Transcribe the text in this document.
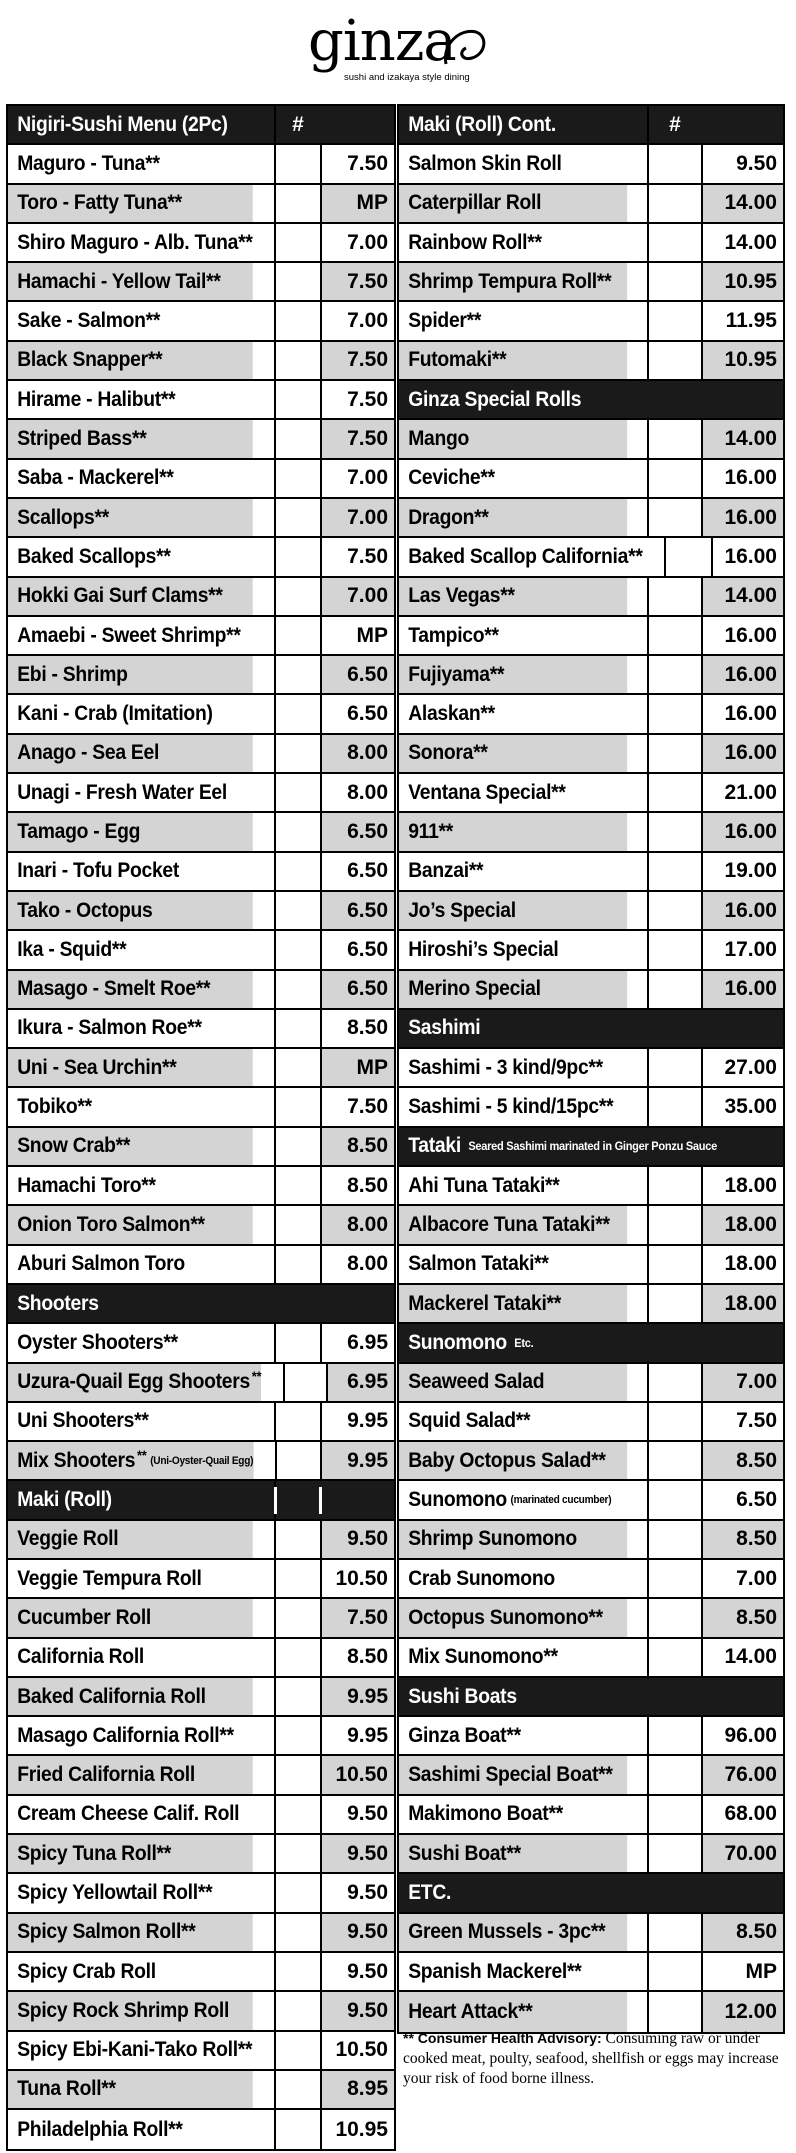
ginza
sushi and izakaya style dining
Nigiri-Sushi Menu (2Pc)	#
Maguro - Tuna**	7.50
Toro - Fatty Tuna**	MP
Shiro Maguro - Alb. Tuna**	7.00
Hamachi - Yellow Tail**	7.50
Sake - Salmon**	7.00
Black Snapper**	7.50
Hirame - Halibut**	7.50
Striped Bass**	7.50
Saba - Mackerel**	7.00
Scallops**	7.00
Baked Scallops**	7.50
Hokki Gai Surf Clams**	7.00
Amaebi - Sweet Shrimp**	MP
Ebi - Shrimp	6.50
Kani - Crab (Imitation)	6.50
Anago - Sea Eel	8.00
Unagi - Fresh Water Eel	8.00
Tamago - Egg	6.50
Inari - Tofu Pocket	6.50
Tako - Octopus	6.50
Ika - Squid**	6.50
Masago - Smelt Roe**	6.50
Ikura - Salmon Roe**	8.50
Uni - Sea Urchin**	MP
Tobiko**	7.50
Snow Crab**	8.50
Hamachi Toro**	8.50
Onion Toro Salmon**	8.00
Aburi Salmon Toro	8.00
Shooters
Oyster Shooters**	6.95
Uzura-Quail Egg Shooters **	6.95
Uni Shooters**	9.95
Mix Shooters ** (Uni-Oyster-Quail Egg)	9.95
Maki (Roll)
Veggie Roll	9.50
Veggie Tempura Roll	10.50
Cucumber Roll	7.50
California Roll	8.50
Baked California Roll	9.95
Masago California Roll**	9.95
Fried California Roll	10.50
Cream Cheese Calif. Roll	9.50
Spicy Tuna Roll**	9.50
Spicy Yellowtail Roll**	9.50
Spicy Salmon Roll**	9.50
Spicy Crab Roll	9.50
Spicy Rock Shrimp Roll	9.50
Spicy Ebi-Kani-Tako Roll**	10.50
Tuna Roll**	8.95
Philadelphia Roll**	10.95
Maki (Roll) Cont.	#
Salmon Skin Roll	9.50
Caterpillar Roll	14.00
Rainbow Roll**	14.00
Shrimp Tempura Roll**	10.95
Spider**	11.95
Futomaki**	10.95
Ginza Special Rolls
Mango	14.00
Ceviche**	16.00
Dragon**	16.00
Baked Scallop California**	16.00
Las Vegas**	14.00
Tampico**	16.00
Fujiyama**	16.00
Alaskan**	16.00
Sonora**	16.00
Ventana Special**	21.00
911**	16.00
Banzai**	19.00
Jo’s Special	16.00
Hiroshi’s Special	17.00
Merino Special	16.00
Sashimi
Sashimi - 3 kind/9pc**	27.00
Sashimi - 5 kind/15pc**	35.00
Tataki Seared Sashimi marinated in Ginger Ponzu Sauce
Ahi Tuna Tataki**	18.00
Albacore Tuna Tataki**	18.00
Salmon Tataki**	18.00
Mackerel Tataki**	18.00
Sunomono Etc.
Seaweed Salad	7.00
Squid Salad**	7.50
Baby Octopus Salad**	8.50
Sunomono (marinated cucumber)	6.50
Shrimp Sunomono	8.50
Crab Sunomono	7.00
Octopus Sunomono**	8.50
Mix Sunomono**	14.00
Sushi Boats
Ginza Boat**	96.00
Sashimi Special Boat**	76.00
Makimono Boat**	68.00
Sushi Boat**	70.00
ETC.
Green Mussels - 3pc**	8.50
Spanish Mackerel**	MP
Heart Attack**	12.00
** Consumer Health Advisory: Consuming raw or under cooked meat, poulty, seafood, shellfish or eggs may increase your risk of food borne illness.
